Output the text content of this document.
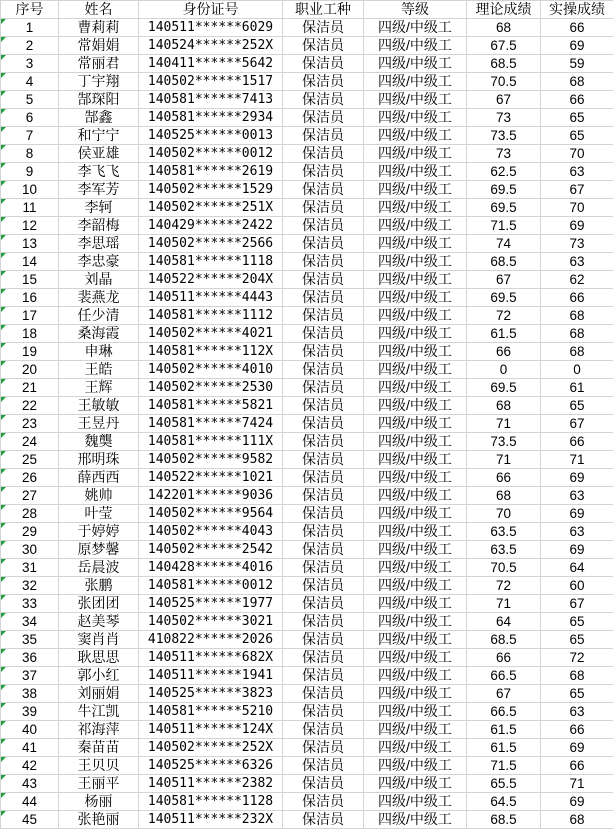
序号	姓名	身份证号	职业工种	等级	理论成绩	实操成绩

1	曹莉莉	140511******6029	保洁员	四级/中级工	68	66

2	常娟娟	140524******252X	保洁员	四级/中级工	67.5	69

3	常丽君	140411******5642	保洁员	四级/中级工	68.5	59

4	丁宇翔	140502******1517	保洁员	四级/中级工	70.5	68

5	郜琛阳	140581******7413	保洁员	四级/中级工	67	66

6	郜鑫	140581******2934	保洁员	四级/中级工	73	65

7	和宁宁	140525******0013	保洁员	四级/中级工	73.5	65

8	侯亚雄	140502******0012	保洁员	四级/中级工	73	70

9	李飞飞	140581******2619	保洁员	四级/中级工	62.5	63

10	李军芳	140502******1529	保洁员	四级/中级工	69.5	67

11	李轲	140502******251X	保洁员	四级/中级工	69.5	70

12	李韶梅	140429******2422	保洁员	四级/中级工	71.5	69

13	李思瑶	140502******2566	保洁员	四级/中级工	74	73

14	李忠豪	140581******1118	保洁员	四级/中级工	68.5	63

15	刘晶	140522******204X	保洁员	四级/中级工	67	62

16	裴燕龙	140511******4443	保洁员	四级/中级工	69.5	66

17	任少清	140581******1112	保洁员	四级/中级工	72	68

18	桑海霞	140502******4021	保洁员	四级/中级工	61.5	68

19	申琳	140581******112X	保洁员	四级/中级工	66	68

20	王皓	140502******4010	保洁员	四级/中级工	0	0

21	王辉	140502******2530	保洁员	四级/中级工	69.5	61

22	王敏敏	140581******5821	保洁员	四级/中级工	68	65

23	王昱丹	140581******7424	保洁员	四级/中级工	71	67

24	魏龑	140581******111X	保洁员	四级/中级工	73.5	66

25	邢明珠	140502******9582	保洁员	四级/中级工	71	71

26	薛西西	140522******1021	保洁员	四级/中级工	66	69

27	姚帅	142201******9036	保洁员	四级/中级工	68	63

28	叶莹	140502******9564	保洁员	四级/中级工	70	69

29	于婷婷	140502******4043	保洁员	四级/中级工	63.5	63

30	原梦馨	140502******2542	保洁员	四级/中级工	63.5	69

31	岳晨波	140428******4016	保洁员	四级/中级工	70.5	64

32	张鹏	140581******0012	保洁员	四级/中级工	72	60

33	张团团	140525******1977	保洁员	四级/中级工	71	67

34	赵美琴	140502******3021	保洁员	四级/中级工	64	65

35	窦肖肖	410822******2026	保洁员	四级/中级工	68.5	65

36	耿思思	140511******682X	保洁员	四级/中级工	66	72

37	郭小红	140511******1941	保洁员	四级/中级工	66.5	68

38	刘丽娟	140525******3823	保洁员	四级/中级工	67	65

39	牛江凯	140581******5210	保洁员	四级/中级工	66.5	63

40	祁海萍	140511******124X	保洁员	四级/中级工	61.5	66

41	秦苗苗	140502******252X	保洁员	四级/中级工	61.5	69

42	王贝贝	140525******6326	保洁员	四级/中级工	71.5	66

43	王丽平	140511******2382	保洁员	四级/中级工	65.5	71

44	杨丽	140581******1128	保洁员	四级/中级工	64.5	69

45	张艳丽	140511******232X	保洁员	四级/中级工	68.5	68
